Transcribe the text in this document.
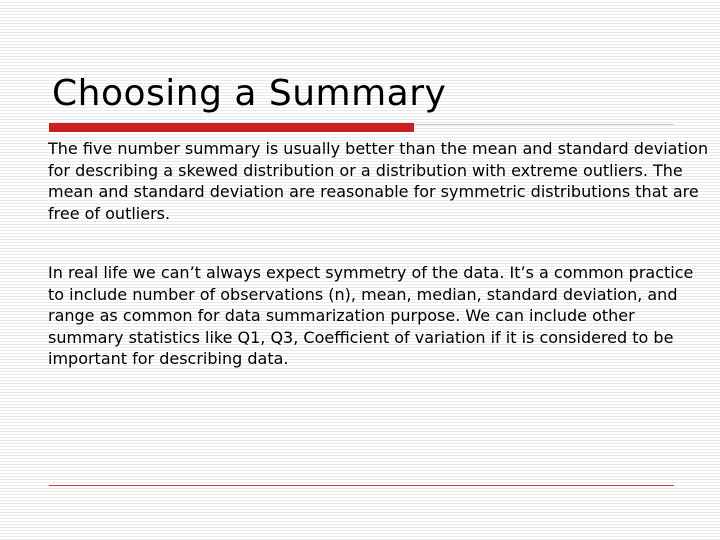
Choosing a Summary

The five number summary is usually better than the mean and standard deviation for describing a skewed distribution or a distribution with extreme outliers. The mean and standard deviation are reasonable for symmetric distributions that are free of outliers.

In real life we can’t always expect symmetry of the data. It’s a common practice to include number of observations (n), mean, median, standard deviation, and range as common for data summarization purpose. We can include other summary statistics like Q1, Q3, Coefficient of variation if it is considered to be important for describing data.
